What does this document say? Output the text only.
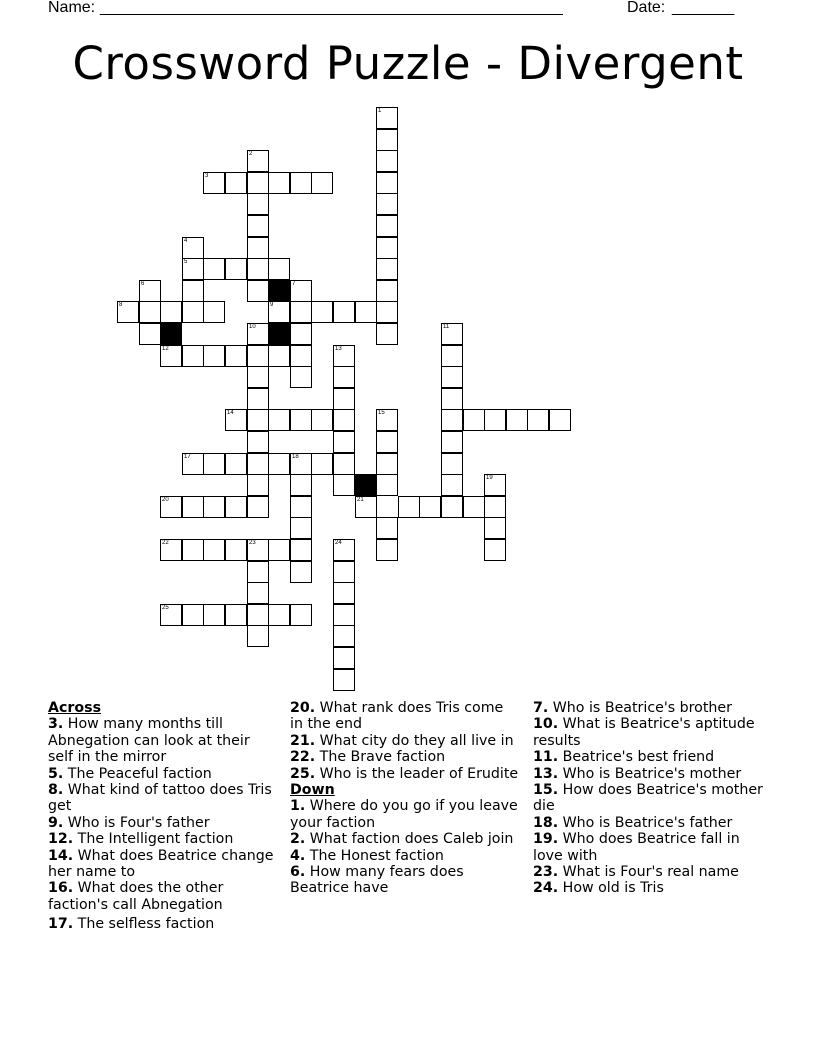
Name: ____________________________________________________	Date: _______
Crossword Puzzle - Divergent
1
2
3
4
5
6	7
8	9
10
12
11
13
14	15
17	18
19
20	21
22	23	24
25
Across
3. How many months till Abnegation can look at their self in the mirror
5. The Peaceful faction
8. What kind of tattoo does Tris get
9. Who is Four's father
12. The Intelligent faction
14. What does Beatrice change her name to
16. What does the other faction's call Abnegation
17. The selfless faction
20. What rank does Tris come in the end
21. What city do they all live in
22. The Brave faction
25. Who is the leader of Erudite
Down
1. Where do you go if you leave your faction
2. What faction does Caleb join
4. The Honest faction
6. How many fears does Beatrice have
7. Who is Beatrice's brother
10. What is Beatrice's aptitude results
11. Beatrice's best friend
13. Who is Beatrice's mother
15. How does Beatrice's mother die
18. Who is Beatrice's father
19. Who does Beatrice fall in love with
23. What is Four's real name
24. How old is Tris
